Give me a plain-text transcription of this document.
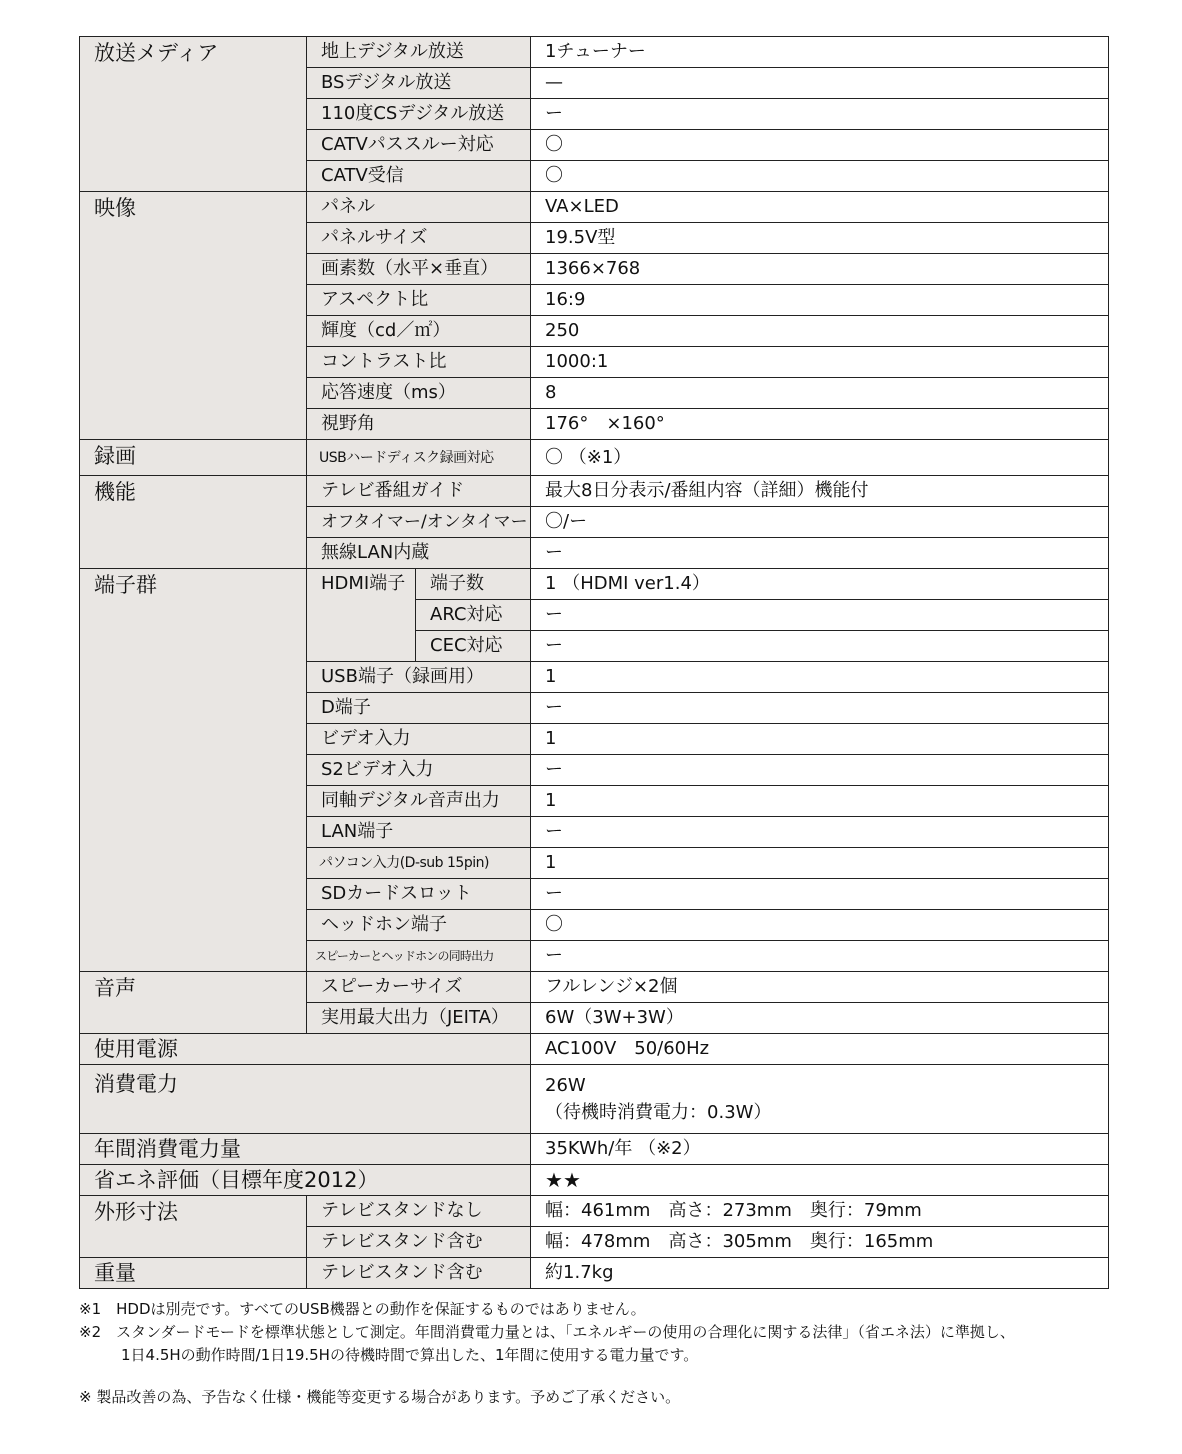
放送メディア	地上デジタル放送		1チューナー
	BSデジタル放送		—
	110度CSデジタル放送		ー
	CATVパススルー対応		〇
	CATV受信		〇
映像	パネル		VA×LED
	パネルサイズ		19.5V型
	画素数（水平×垂直）		1366×768
	アスペクト比		16:9
	輝度（cd／㎡）		250
	コントラスト比		1000:1
	応答速度（ms）		8
	視野角		176°　×160°
録画	USBハードディスク録画対応		〇 （※1）
機能	テレビ番組ガイド		最大8日分表示/番組内容（詳細）機能付
	オフタイマー/オンタイマー		〇/ー
	無線LAN内蔵		ー
端子群	HDMI端子	端子数	1 （HDMI ver1.4）
		ARC対応	ー
		CEC対応	ー
	USB端子（録画用）		1
	D端子		ー
	ビデオ入力		1
	S2ビデオ入力		ー
	同軸デジタル音声出力		1
	LAN端子		ー
	パソコン入力(D-sub 15pin)		1
	SDカードスロット		ー
	ヘッドホン端子		〇
	スピーカーとヘッドホンの同時出力		ー
音声	スピーカーサイズ		フルレンジ×2個
	実用最大出力（JEITA）		6W（3W+3W）
使用電源			AC100V　50/60Hz
消費電力			26W
（待機時消費電力：0.3W）

年間消費電力量			35KWh/年 （※2）
省エネ評価（目標年度2012）			★★
外形寸法	テレビスタンドなし		幅：461mm　高さ：273mm　奥行：79mm
	テレビスタンド含む		幅：478mm　高さ：305mm　奥行：165mm
重量	テレビスタンド含む		約1.7kg

※1　HDDは別売です。すべてのUSB機器との動作を保証するものではありません。

※2　スタンダードモードを標準状態として測定。年間消費電力量とは、「エネルギーの使用の合理化に関する法律」（省エネ法）に準拠し、

1日4.5Hの動作時間/1日19.5Hの待機時間で算出した、1年間に使用する電力量です。

※ 製品改善の為、予告なく仕様・機能等変更する場合があります。予めご了承ください。
